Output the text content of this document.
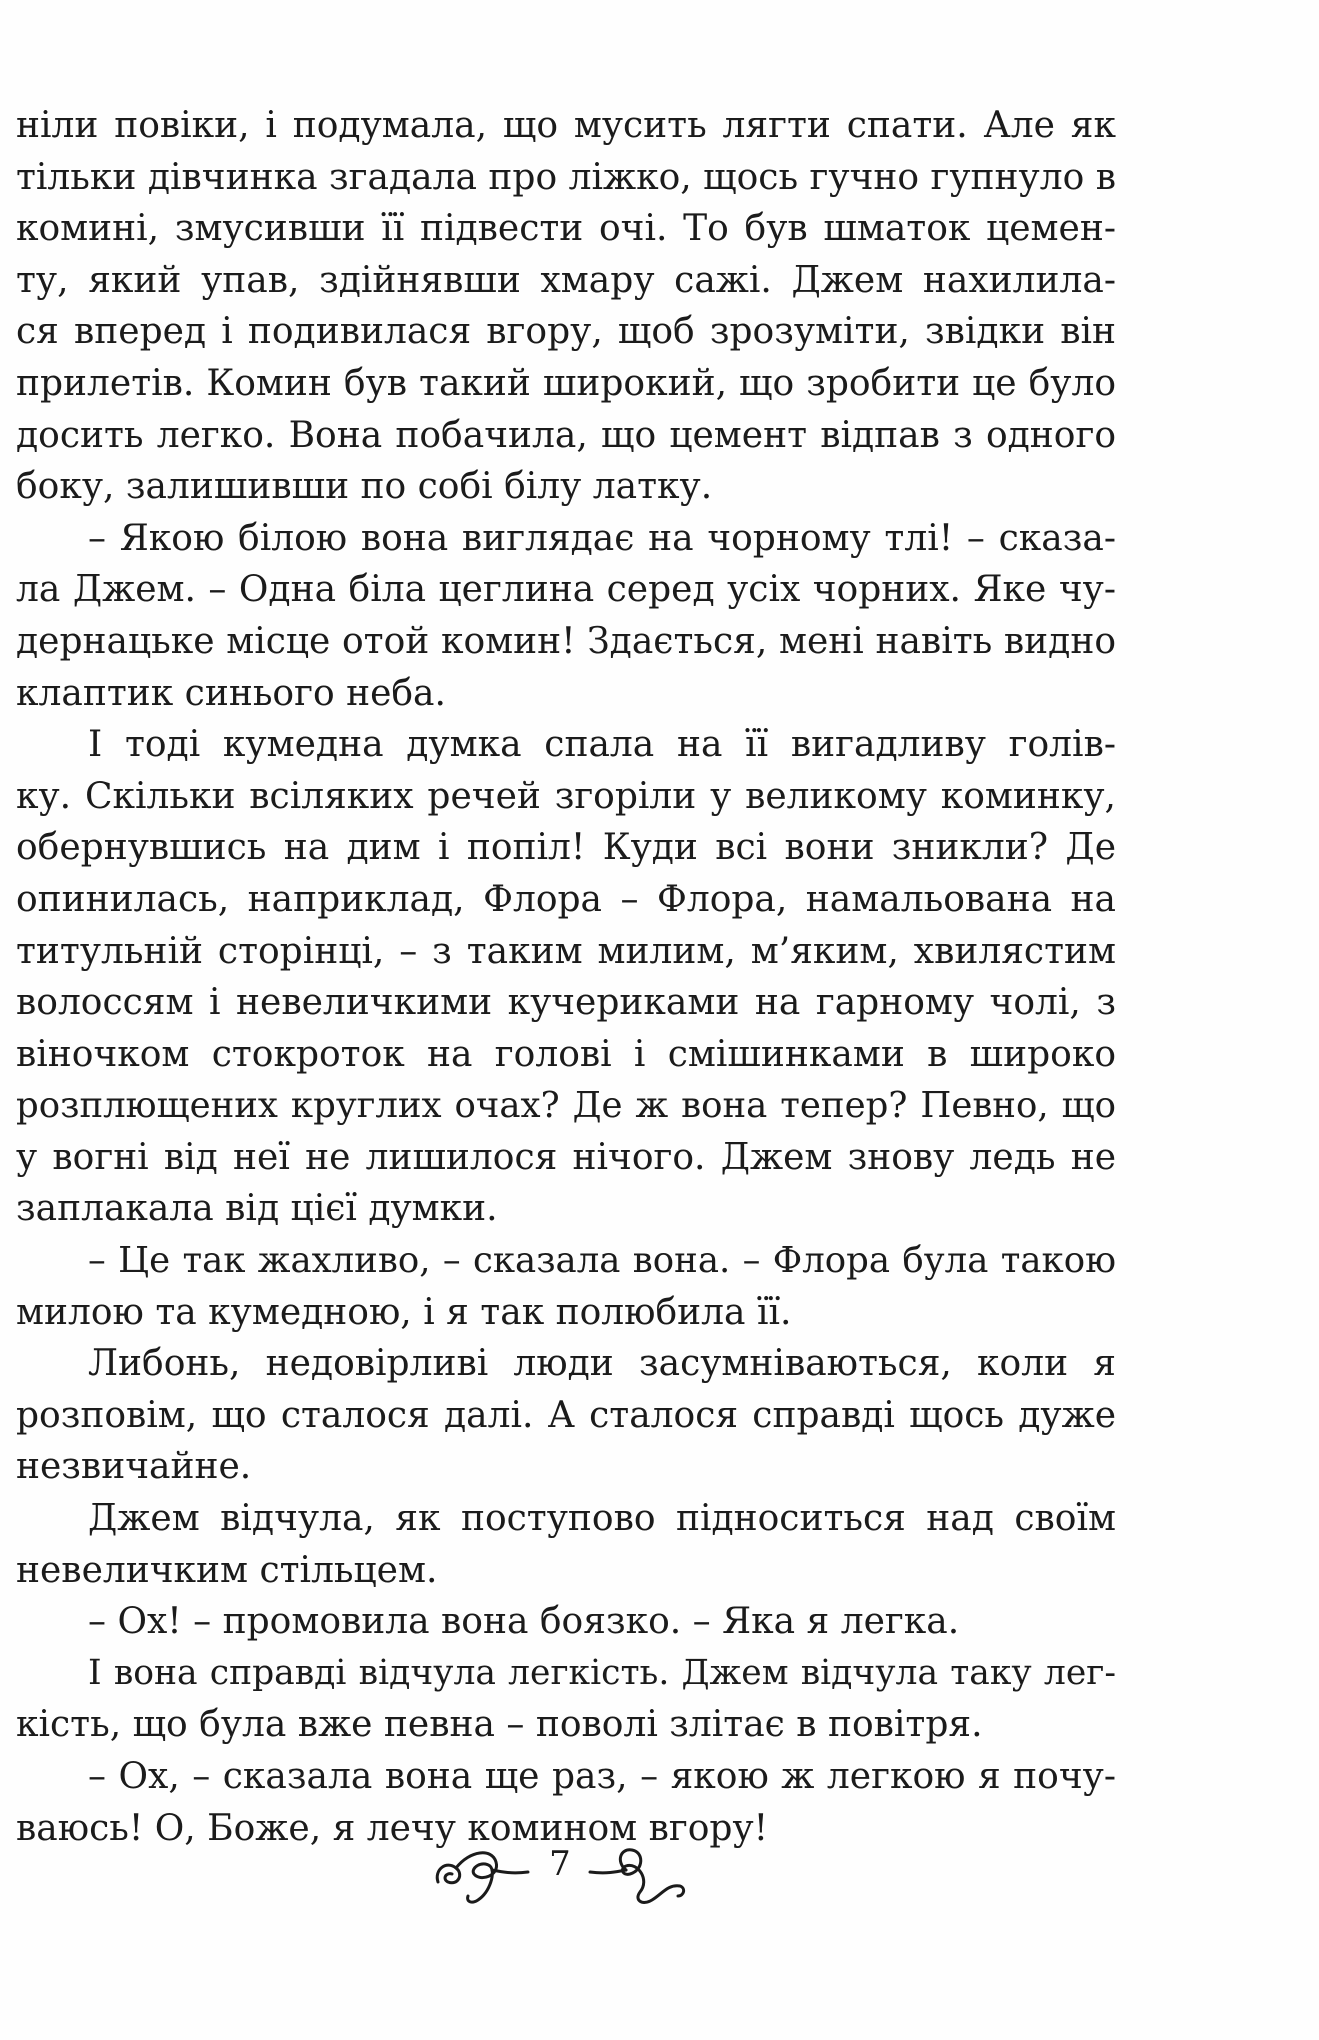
ніли повіки, і подумала, що мусить лягти спати. Але як
тільки дівчинка згадала про ліжко, щось гучно гупнуло в
комині, змусивши її підвести очі. То був шматок цемен-
ту, який упав, здійнявши хмару сажі. Джем нахилила-
ся вперед і подивилася вгору, щоб зрозуміти, звідки він
прилетів. Комин був такий широкий, що зробити це було
досить легко. Вона побачила, що цемент відпав з одного
боку, залишивши по собі білу латку.
– Якою білою вона виглядає на чорному тлі! – сказа-
ла Джем. – Одна біла цеглина серед усіх чорних. Яке чу-
дернацьке місце отой комин! Здається, мені навіть видно
клаптик синього неба.
І тоді кумедна думка спала на її вигадливу голів-
ку. Скільки всіляких речей згоріли у великому коминку,
обернувшись на дим і попіл! Куди всі вони зникли? Де
опинилась, наприклад, Флора – Флора, намальована на
титульній сторінці, – з таким милим, м’яким, хвилястим
волоссям і невеличкими кучериками на гарному чолі, з
віночком стокроток на голові і смішинками в широко
розплющених круглих очах? Де ж вона тепер? Певно, що
у вогні від неї не лишилося нічого. Джем знову ледь не
заплакала від цієї думки.
– Це так жахливо, – сказала вона. – Флора була такою
милою та кумедною, і я так полюбила її.
Либонь, недовірливі люди засумніваються, коли я
розповім, що сталося далі. А сталося справді щось дуже
незвичайне.
Джем відчула, як поступово підноситься над своїм
невеличким стільцем.
– Ох! – промовила вона боязко. – Яка я легка.
І вона справді відчула легкість. Джем відчула таку лег-
кість, що була вже певна – поволі злітає в повітря.
– Ох, – сказала вона ще раз, – якою ж легкою я почу-
ваюсь! О, Боже, я лечу комином вгору!
7
